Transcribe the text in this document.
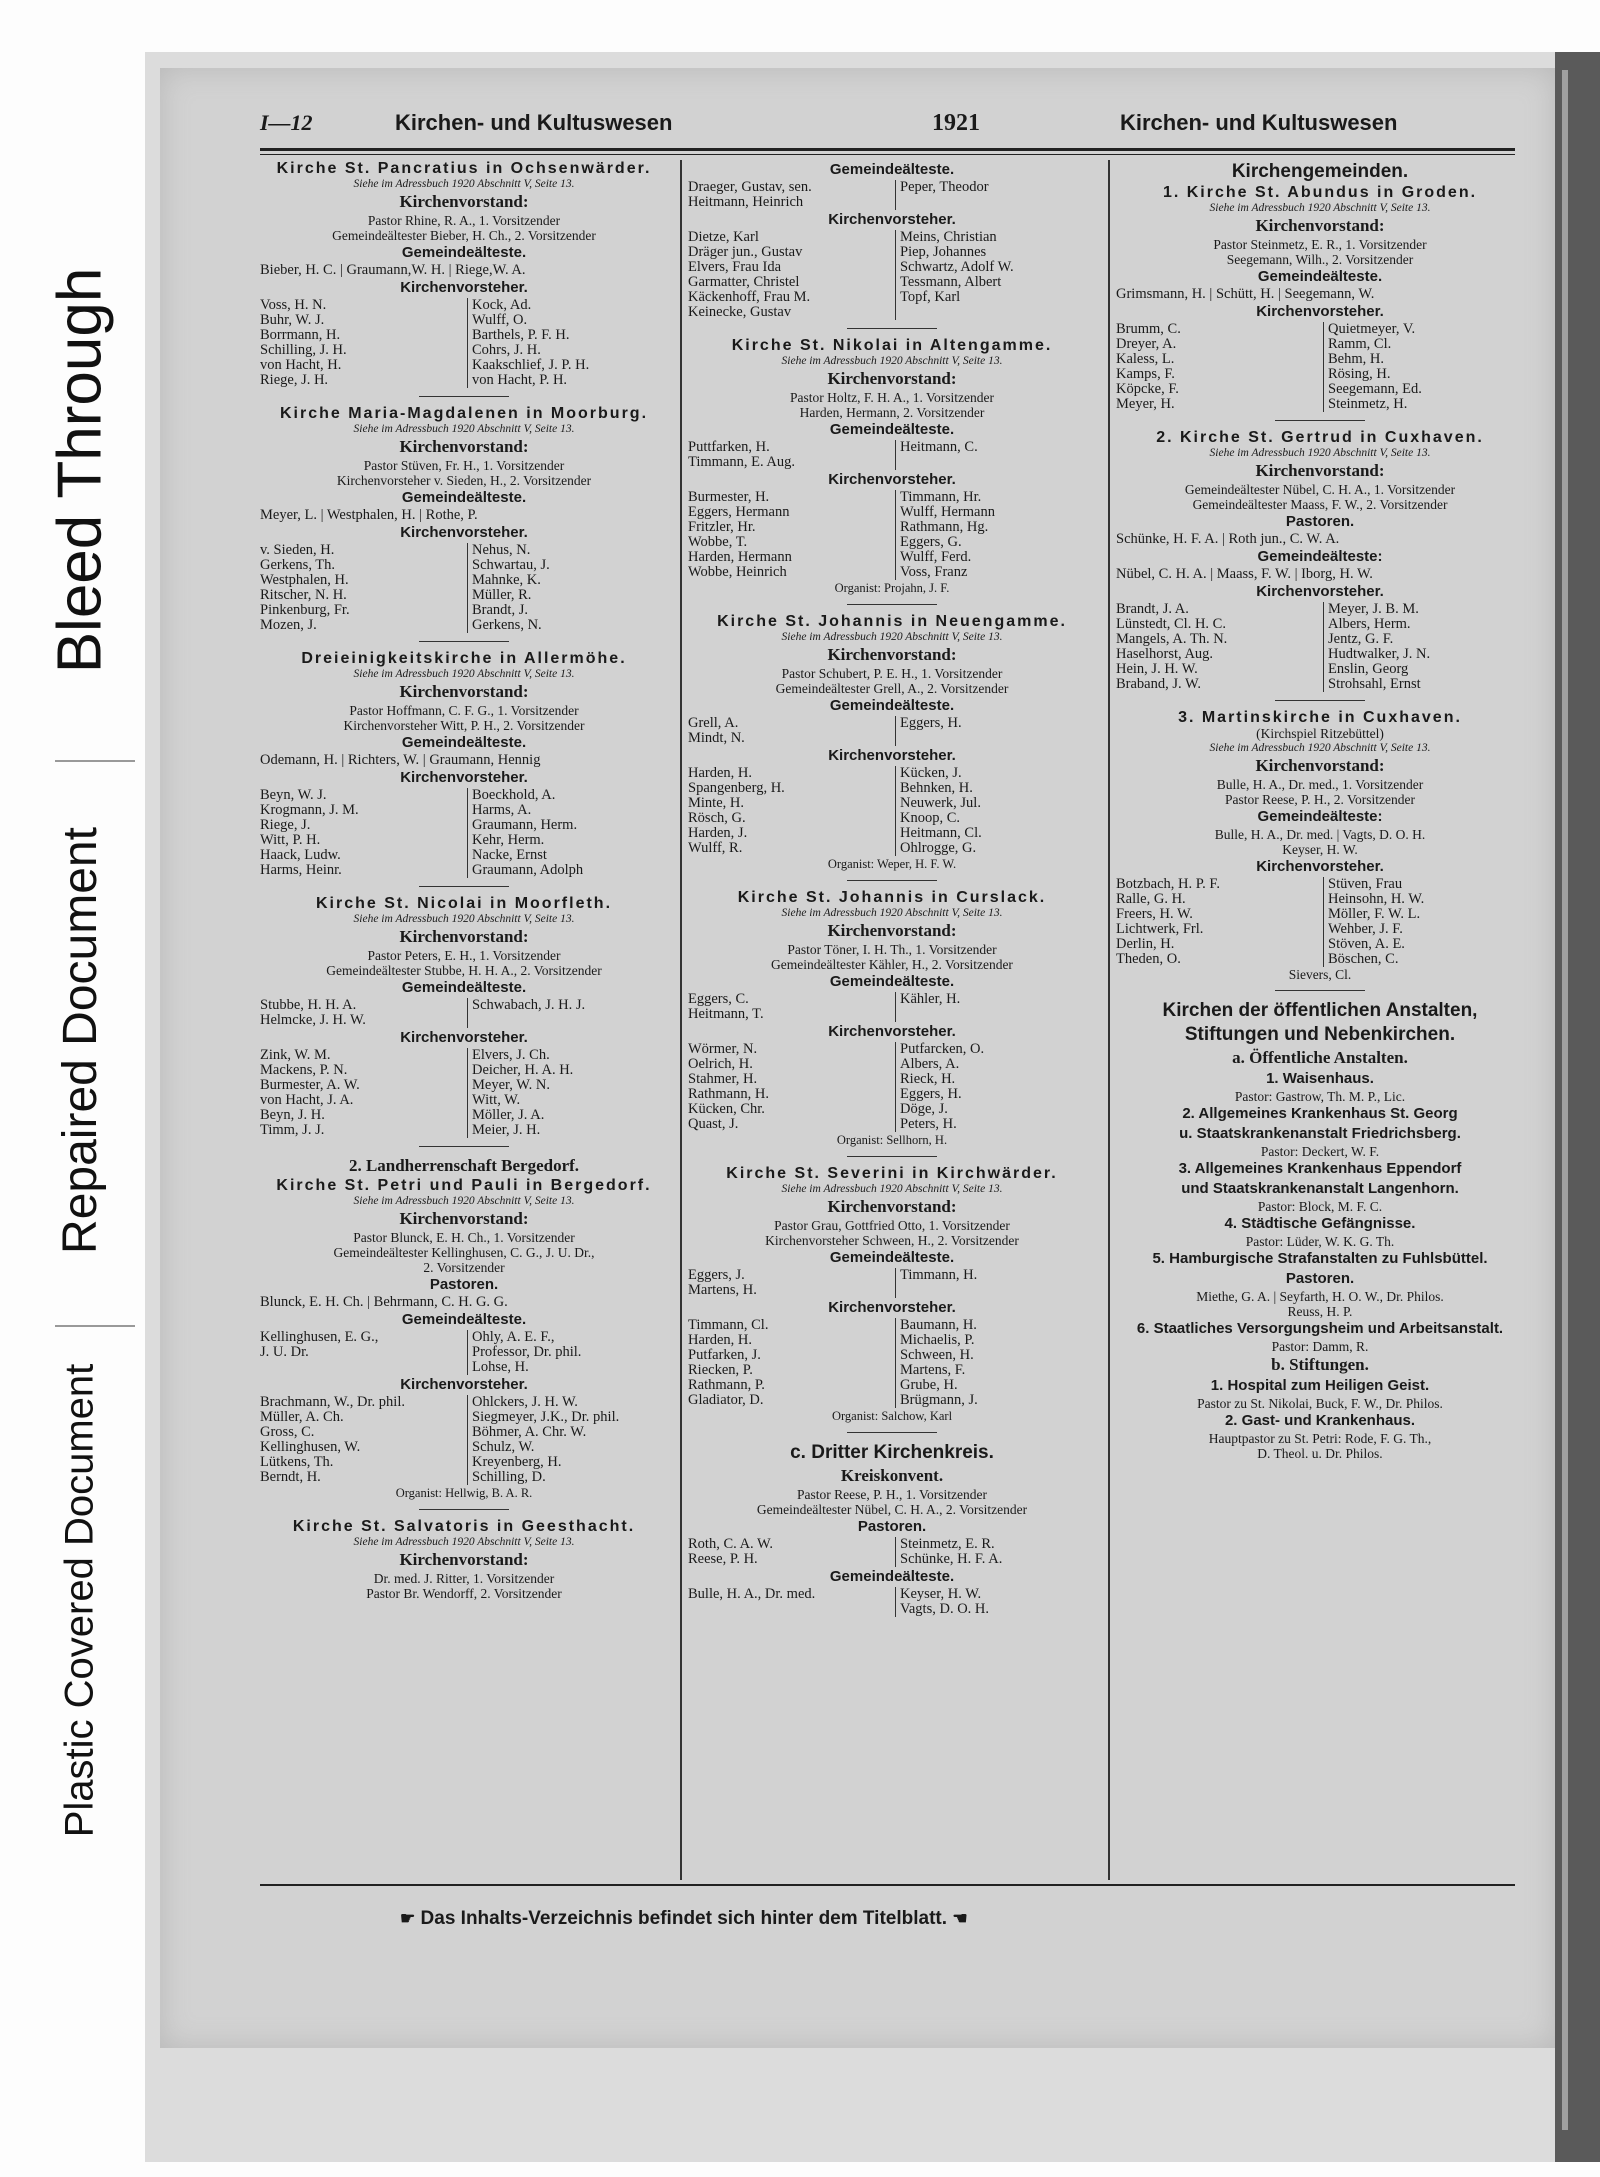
Bleed Through
Repaired Document
Plastic Covered Document
I—12	Kirchen- und Kultuswesen	1921	Kirchen- und Kultuswesen
Kirche St. Pancratius in Ochsenwärder.
Siehe im Adressbuch 1920 Abschnitt V, Seite 13.
Kirchenvorstand:
Pastor Rhine, R. A., 1. Vorsitzender
Gemeindeältester Bieber, H. Ch., 2. Vorsitzender
Gemeindeälteste.
Bieber, H. C. | Graumann,W. H. | Riege,W. A.
Kirchenvorsteher.
Voss, H. N.	Kock, Ad.
Buhr, W. J.	Wulff, O.
Borrmann, H.	Barthels, P. F. H.
Schilling, J. H.	Cohrs, J. H.
von Hacht, H.	Kaakschlief, J. P. H.
Riege, J. H.	von Hacht, P. H.
Kirche Maria-Magdalenen in Moorburg.
Siehe im Adressbuch 1920 Abschnitt V, Seite 13.
Kirchenvorstand:
Pastor Stüven, Fr. H., 1. Vorsitzender
Kirchenvorsteher v. Sieden, H., 2. Vorsitzender
Gemeindeälteste.
Meyer, L. | Westphalen, H. | Rothe, P.
Kirchenvorsteher.
v. Sieden, H.	Nehus, N.
Gerkens, Th.	Schwartau, J.
Westphalen, H.	Mahnke, K.
Ritscher, N. H.	Müller, R.
Pinkenburg, Fr.	Brandt, J.
Mozen, J.	Gerkens, N.
Dreieinigkeitskirche in Allermöhe.
Siehe im Adressbuch 1920 Abschnitt V, Seite 13.
Kirchenvorstand:
Pastor Hoffmann, C. F. G., 1. Vorsitzender
Kirchenvorsteher Witt, P. H., 2. Vorsitzender
Gemeindeälteste.
Odemann, H. | Richters, W. | Graumann, Hennig
Kirchenvorsteher.
Beyn, W. J.	Boeckhold, A.
Krogmann, J. M.	Harms, A.
Riege, J.	Graumann, Herm.
Witt, P. H.	Kehr, Herm.
Haack, Ludw.	Nacke, Ernst
Harms, Heinr.	Graumann, Adolph
Kirche St. Nicolai in Moorfleth.
Siehe im Adressbuch 1920 Abschnitt V, Seite 13.
Kirchenvorstand:
Pastor Peters, E. H., 1. Vorsitzender
Gemeindeältester Stubbe, H. H. A., 2. Vorsitzender
Gemeindeälteste.
Stubbe, H. H. A.	Schwabach, J. H. J.
Helmcke, J. H. W.
Kirchenvorsteher.
Zink, W. M.	Elvers, J. Ch.
Mackens, P. N.	Deicher, H. A. H.
Burmester, A. W.	Meyer, W. N.
von Hacht, J. A.	Witt, W.
Beyn, J. H.	Möller, J. A.
Timm, J. J.	Meier, J. H.
2. Landherrenschaft Bergedorf.
Kirche St. Petri und Pauli in Bergedorf.
Siehe im Adressbuch 1920 Abschnitt V, Seite 13.
Kirchenvorstand:
Pastor Blunck, E. H. Ch., 1. Vorsitzender
Gemeindeältester Kellinghusen, C. G., J. U. Dr.,
2. Vorsitzender
Pastoren.
Blunck, E. H. Ch. | Behrmann, C. H. G. G.
Gemeindeälteste.
Kellinghusen, E. G.,	Ohly, A. E. F.,
J. U. Dr.	Professor, Dr. phil.
Lohse, H.
Kirchenvorsteher.
Brachmann, W., Dr. phil.	Ohlckers, J. H. W.
Müller, A. Ch.	Siegmeyer, J.K., Dr. phil.
Gross, C.	Böhmer, A. Chr. W.
Kellinghusen, W.	Schulz, W.
Lütkens, Th.	Kreyenberg, H.
Berndt, H.	Schilling, D.
Organist: Hellwig, B. A. R.
Kirche St. Salvatoris in Geesthacht.
Siehe im Adressbuch 1920 Abschnitt V, Seite 13.
Kirchenvorstand:
Dr. med. J. Ritter, 1. Vorsitzender
Pastor Br. Wendorff, 2. Vorsitzender
Gemeindeälteste.
Draeger, Gustav, sen.	Peper, Theodor
Heitmann, Heinrich
Kirchenvorsteher.
Dietze, Karl	Meins, Christian
Dräger jun., Gustav	Piep, Johannes
Elvers, Frau Ida	Schwartz, Adolf W.
Garmatter, Christel	Tessmann, Albert
Käckenhoff, Frau M.	Topf, Karl
Keinecke, Gustav
Kirche St. Nikolai in Altengamme.
Siehe im Adressbuch 1920 Abschnitt V, Seite 13.
Kirchenvorstand:
Pastor Holtz, F. H. A., 1. Vorsitzender
Harden, Hermann, 2. Vorsitzender
Gemeindeälteste.
Puttfarken, H.	Heitmann, C.
Timmann, E. Aug.
Kirchenvorsteher.
Burmester, H.	Timmann, Hr.
Eggers, Hermann	Wulff, Hermann
Fritzler, Hr.	Rathmann, Hg.
Wobbe, T.	Eggers, G.
Harden, Hermann	Wulff, Ferd.
Wobbe, Heinrich	Voss, Franz
Organist: Projahn, J. F.
Kirche St. Johannis in Neuengamme.
Siehe im Adressbuch 1920 Abschnitt V, Seite 13.
Kirchenvorstand:
Pastor Schubert, P. E. H., 1. Vorsitzender
Gemeindeältester Grell, A., 2. Vorsitzender
Gemeindeälteste.
Grell, A.	Eggers, H.
Mindt, N.
Kirchenvorsteher.
Harden, H.	Kücken, J.
Spangenberg, H.	Behnken, H.
Minte, H.	Neuwerk, Jul.
Rösch, G.	Knoop, C.
Harden, J.	Heitmann, Cl.
Wulff, R.	Ohlrogge, G.
Organist: Weper, H. F. W.
Kirche St. Johannis in Curslack.
Siehe im Adressbuch 1920 Abschnitt V, Seite 13.
Kirchenvorstand:
Pastor Töner, I. H. Th., 1. Vorsitzender
Gemeindeältester Kähler, H., 2. Vorsitzender
Gemeindeälteste.
Eggers, C.	Kähler, H.
Heitmann, T.
Kirchenvorsteher.
Wörmer, N.	Putfarcken, O.
Oelrich, H.	Albers, A.
Stahmer, H.	Rieck, H.
Rathmann, H.	Eggers, H.
Kücken, Chr.	Döge, J.
Quast, J.	Peters, H.
Organist: Sellhorn, H.
Kirche St. Severini in Kirchwärder.
Siehe im Adressbuch 1920 Abschnitt V, Seite 13.
Kirchenvorstand:
Pastor Grau, Gottfried Otto, 1. Vorsitzender
Kirchenvorsteher Schween, H., 2. Vorsitzender
Gemeindeälteste.
Eggers, J.	Timmann, H.
Martens, H.
Kirchenvorsteher.
Timmann, Cl.	Baumann, H.
Harden, H.	Michaelis, P.
Putfarken, J.	Schween, H.
Riecken, P.	Martens, F.
Rathmann, P.	Grube, H.
Gladiator, D.	Brügmann, J.
Organist: Salchow, Karl
c. Dritter Kirchenkreis.
Kreiskonvent.
Pastor Reese, P. H., 1. Vorsitzender
Gemeindeältester Nübel, C. H. A., 2. Vorsitzender
Pastoren.
Roth, C. A. W.	Steinmetz, E. R.
Reese, P. H.	Schünke, H. F. A.
Gemeindeälteste.
Bulle, H. A., Dr. med.	Keyser, H. W.
Vagts, D. O. H.
Kirchengemeinden.
1. Kirche St. Abundus in Groden.
Siehe im Adressbuch 1920 Abschnitt V, Seite 13.
Kirchenvorstand:
Pastor Steinmetz, E. R., 1. Vorsitzender
Seegemann, Wilh., 2. Vorsitzender
Gemeindeälteste.
Grimsmann, H. | Schütt, H. | Seegemann, W.
Kirchenvorsteher.
Brumm, C.	Quietmeyer, V.
Dreyer, A.	Ramm, Cl.
Kaless, L.	Behm, H.
Kamps, F.	Rösing, H.
Köpcke, F.	Seegemann, Ed.
Meyer, H.	Steinmetz, H.
2. Kirche St. Gertrud in Cuxhaven.
Siehe im Adressbuch 1920 Abschnitt V, Seite 13.
Kirchenvorstand:
Gemeindeältester Nübel, C. H. A., 1. Vorsitzender
Gemeindeältester Maass, F. W., 2. Vorsitzender
Pastoren.
Schünke, H. F. A. | Roth jun., C. W. A.
Gemeindeälteste:
Nübel, C. H. A. | Maass, F. W. | Iborg, H. W.
Kirchenvorsteher.
Brandt, J. A.	Meyer, J. B. M.
Lünstedt, Cl. H. C.	Albers, Herm.
Mangels, A. Th. N.	Jentz, G. F.
Haselhorst, Aug.	Hudtwalker, J. N.
Hein, J. H. W.	Enslin, Georg
Braband, J. W.	Strohsahl, Ernst
3. Martinskirche in Cuxhaven.
(Kirchspiel Ritzebüttel)
Siehe im Adressbuch 1920 Abschnitt V, Seite 13.
Kirchenvorstand:
Bulle, H. A., Dr. med., 1. Vorsitzender
Pastor Reese, P. H., 2. Vorsitzender
Gemeindeälteste:
Bulle, H. A., Dr. med. | Vagts, D. O. H.
Keyser, H. W.
Kirchenvorsteher.
Botzbach, H. P. F.	Stüven, Frau
Ralle, G. H.	Heinsohn, H. W.
Freers, H. W.	Möller, F. W. L.
Lichtwerk, Frl.	Wehber, J. F.
Derlin, H.	Stöven, A. E.
Theden, O.	Böschen, C.
Sievers, Cl.
Kirchen der öffentlichen Anstalten, Stiftungen und Nebenkirchen.
a. Öffentliche Anstalten.
1. Waisenhaus.
Pastor: Gastrow, Th. M. P., Lic.
2. Allgemeines Krankenhaus St. Georg
u. Staatskrankenanstalt Friedrichsberg.
Pastor: Deckert, W. F.
3. Allgemeines Krankenhaus Eppendorf
und Staatskrankenanstalt Langenhorn.
Pastor: Block, M. F. C.
4. Städtische Gefängnisse.
Pastor: Lüder, W. K. G. Th.
5. Hamburgische Strafanstalten zu Fuhlsbüttel.
Pastoren.
Miethe, G. A. | Seyfarth, H. O. W., Dr. Philos.
Reuss, H. P.
6. Staatliches Versorgungsheim und Arbeitsanstalt.
Pastor: Damm, R.
b. Stiftungen.
1. Hospital zum Heiligen Geist.
Pastor zu St. Nikolai, Buck, F. W., Dr. Philos.
2. Gast- und Krankenhaus.
Hauptpastor zu St. Petri: Rode, F. G. Th.,
D. Theol. u. Dr. Philos.
☛ Das Inhalts-Verzeichnis befindet sich hinter dem Titelblatt. ☚
